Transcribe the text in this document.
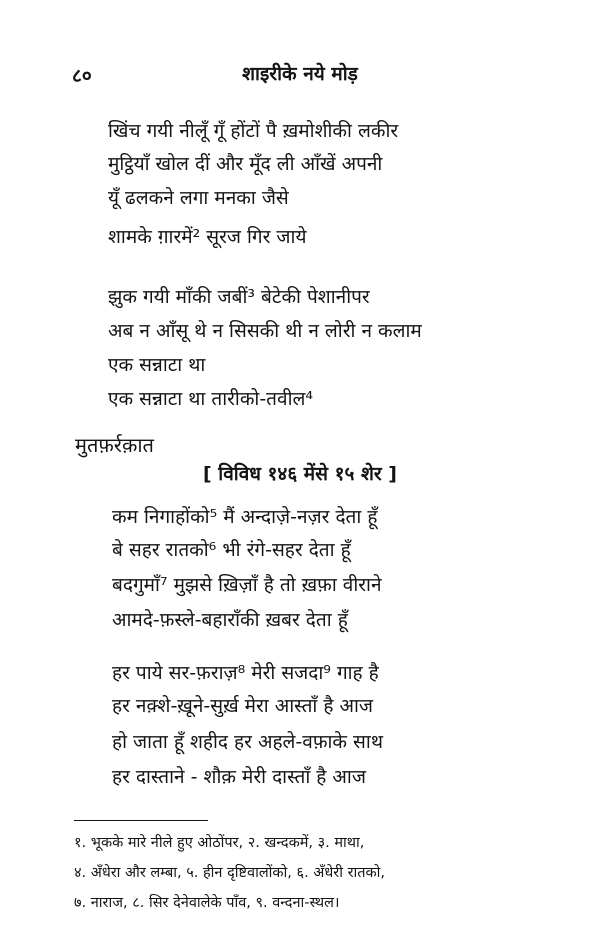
८०	शाइरीके नये मोड़
खिंच गयी नीलूँ गूँ होंटों पै ख़मोशीकी लकीर
मुट्ठियाँ खोल दीं और मूँद ली आँखें अपनी
यूँ ढलकने लगा मनका जैसे
शामके ग़ारमें² सूरज गिर जाये
झुक गयी माँकी जबीं³ बेटेकी पेशानीपर
अब न आँसू थे न सिसकी थी न लोरी न कलाम
एक सन्नाटा था
एक सन्नाटा था तारीको-तवील⁴
मुतफ़र्रक़ात
[ विविध १४६ मेंसे १५ शेर ]
कम निगाहोंको⁵ मैं अन्दाज़े-नज़र देता हूँ
बे सहर रातको⁶ भी रंगे-सहर देता हूँ
बदगुमाँ⁷ मुझसे ख़िज़ाँ है तो ख़फ़ा वीराने
आमदे-फ़स्ले-बहाराँकी ख़बर देता हूँ
हर पाये सर-फ़राज़⁸ मेरी सजदा⁹ गाह है
हर नक़्शे-ख़ूने-सुर्ख़ मेरा आस्ताँ है आज
हो जाता हूँ शहीद हर अहले-वफ़ाके साथ
हर दास्ताने - शौक़ मेरी दास्ताँ है आज
१. भूकके मारे नीले हुए ओठोंपर, २. खन्दकमें, ३. माथा,
४. अँधेरा और लम्बा, ५. हीन दृष्टिवालोंको, ६. अँधेरी रातको,
७. नाराज, ८. सिर देनेवालेके पाँव, ९. वन्दना-स्थल।
